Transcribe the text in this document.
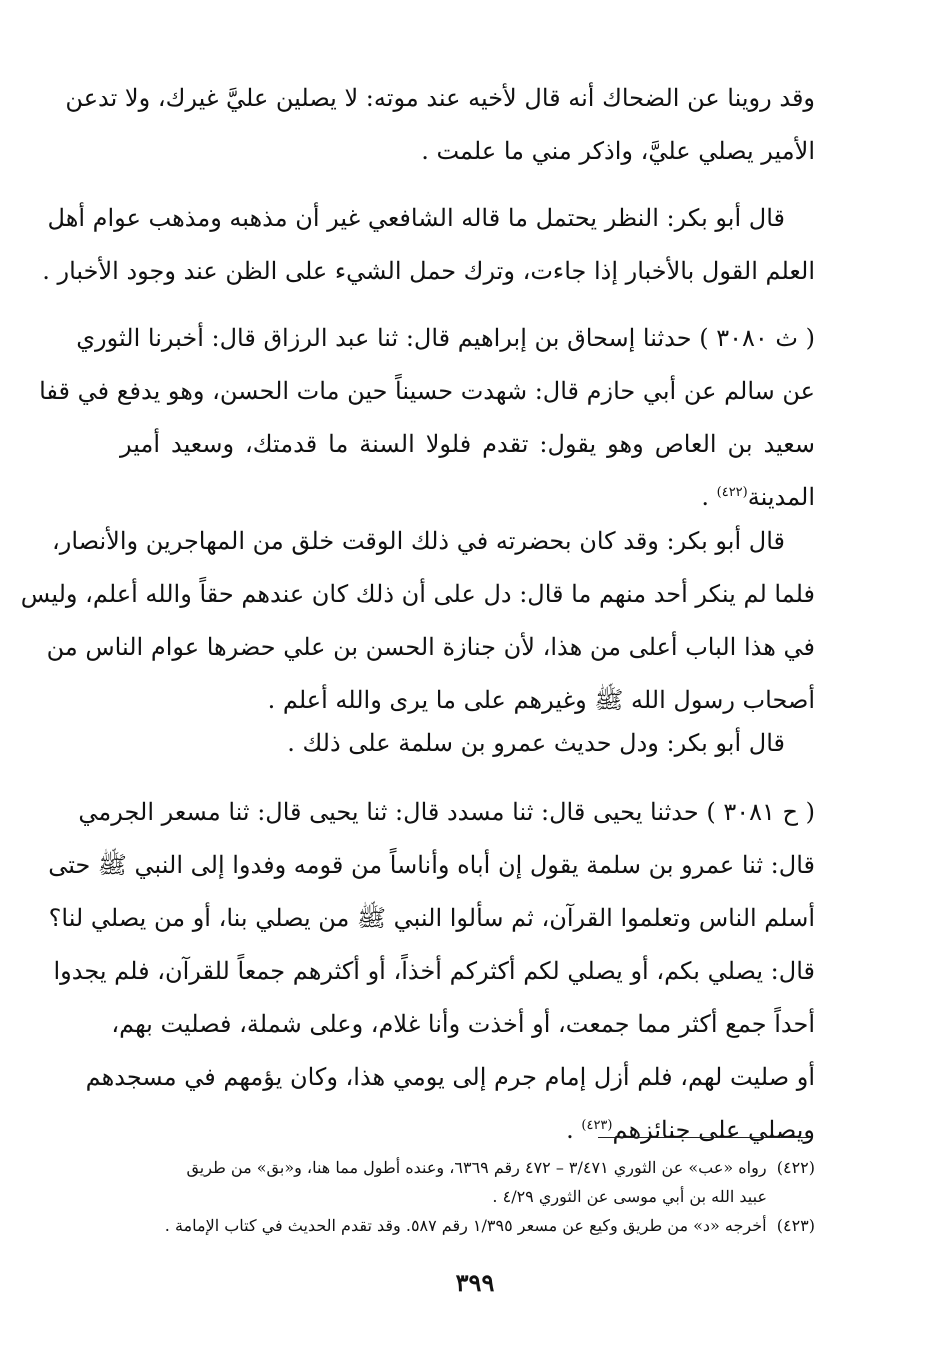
وقد روينا عن الضحاك أنه قال لأخيه عند موته: لا يصلين عليَّ غيرك، ولا تدعن
الأمير يصلي عليَّ، واذكر مني ما علمت .
قال أبو بكر: النظر يحتمل ما قاله الشافعي غير أن مذهبه ومذهب عوام أهل
العلم القول بالأخبار إذا جاءت، وترك حمل الشيء على الظن عند وجود الأخبار .
( ث ٣٠٨٠ ) حدثنا إسحاق بن إبراهيم قال: ثنا عبد الرزاق قال: أخبرنا الثوري
عن سالم عن أبي حازم قال: شهدت حسيناً حين مات الحسن، وهو يدفع في قفا
سعيد بن العاص وهو يقول: تقدم فلولا السنة ما قدمتك، وسعيد أمير
المدينة$^{(٤٢٢)}$ .
قال أبو بكر: وقد كان بحضرته في ذلك الوقت خلق من المهاجرين والأنصار،
فلما لم ينكر أحد منهم ما قال: دل على أن ذلك كان عندهم حقاً والله أعلم، وليس
في هذا الباب أعلى من هذا، لأن جنازة الحسن بن علي حضرها عوام الناس من
أصحاب رسول الله ﷺ وغيرهم على ما يرى والله أعلم .
قال أبو بكر: ودل حديث عمرو بن سلمة على ذلك .
( ح ٣٠٨١ ) حدثنا يحيى قال: ثنا مسدد قال: ثنا يحيى قال: ثنا مسعر الجرمي
قال: ثنا عمرو بن سلمة يقول إن أباه وأناساً من قومه وفدوا إلى النبي ﷺ حتى
أسلم الناس وتعلموا القرآن، ثم سألوا النبي ﷺ من يصلي بنا، أو من يصلي لنا؟
قال: يصلي بكم، أو يصلي لكم أكثركم أخذاً، أو أكثرهم جمعاً للقرآن، فلم يجدوا
أحداً جمع أكثر مما جمعت، أو أخذت وأنا غلام، وعلى شملة، فصليت بهم،
أو صليت لهم، فلم أزل إمام جرم إلى يومي هذا، وكان يؤمهم في مسجدهم
ويصلي على جنائزهم$^{(٤٢٣)}$ .
(٤٢٢)  رواه «عب» عن الثوري ٣/٤٧١ – ٤٧٢ رقم ٦٣٦٩، وعنده أطول مما هنا، و«بق» من طريق
عبيد الله بن أبي موسى عن الثوري ٤/٢٩ .
(٤٢٣)  أخرجه «د» من طريق وكيع عن مسعر ١/٣٩٥ رقم ٥٨٧. وقد تقدم الحديث في كتاب الإمامة .
٣٩٩
